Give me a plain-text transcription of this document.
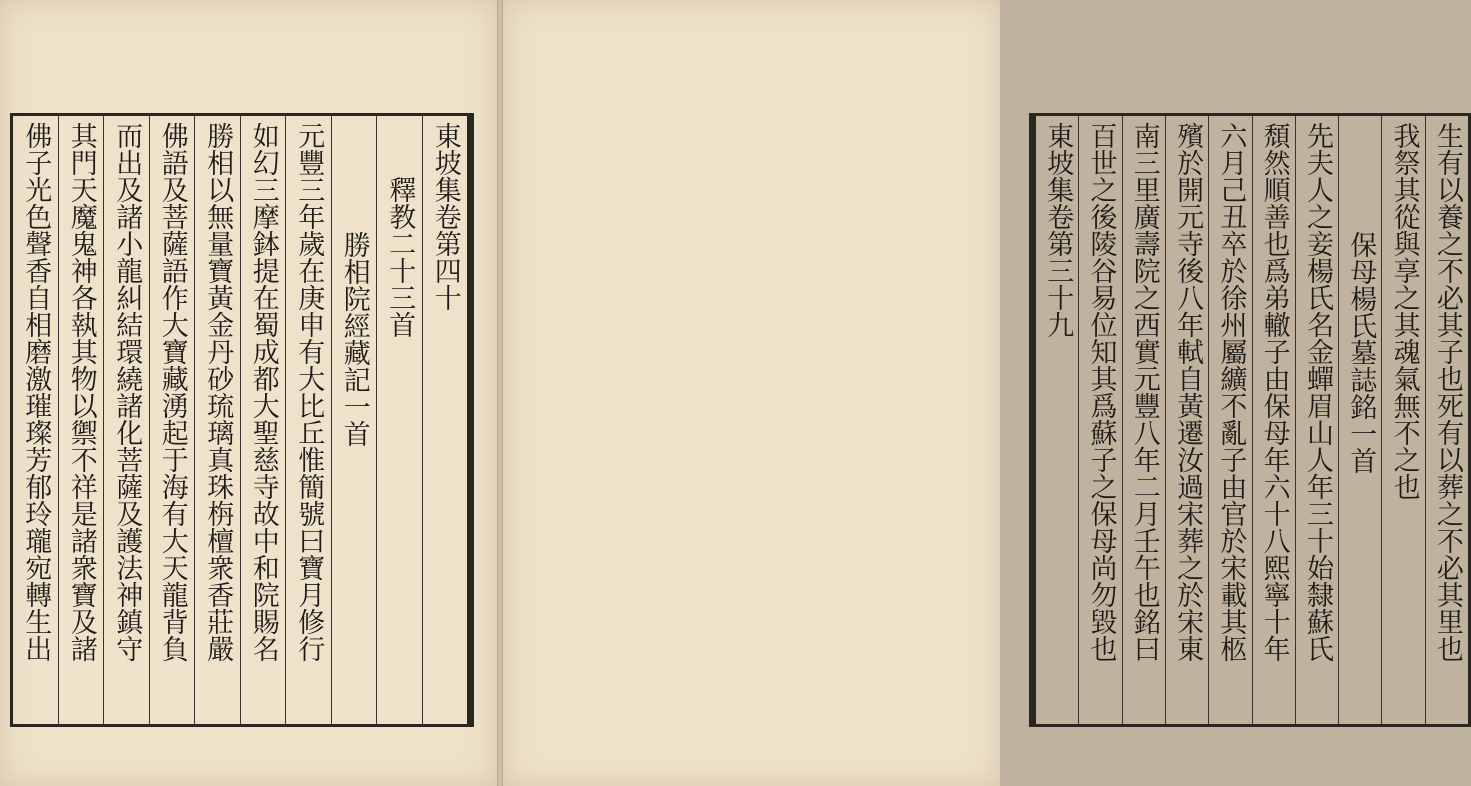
東坡集卷第四十
釋教二十三首
勝相院經藏記一首
元豐三年歲在庚申有大比丘惟簡號曰寶月修行
如幻三摩鉢提在蜀成都大聖慈寺故中和院賜名
勝相以無量寶黃金丹砂琉璃真珠栴檀衆香莊嚴
佛語及菩薩語作大寶藏湧起于海有大天龍背負
而出及諸小龍糾結環繞諸化菩薩及護法神鎮守
其門天魔鬼神各執其物以禦不祥是諸衆寶及諸
佛子光色聲香自相磨激璀璨芳郁玲瓏宛轉生出	生有以養之不必其子也死有以葬之不必其里也
我祭其從與享之其魂氣無不之也
保母楊氏墓誌銘一首
先夫人之妾楊氏名金蟬眉山人年三十始隸蘇氏
頹然順善也爲弟轍子由保母年六十八熙寧十年
六月己丑卒於徐州屬纊不亂子由官於宋載其柩
殯於開元寺後八年軾自黃遷汝過宋葬之於宋東
南三里廣壽院之西實元豐八年二月壬午也銘曰
百世之後陵谷易位知其爲蘇子之保母尚勿毀也
東坡集卷第三十九
